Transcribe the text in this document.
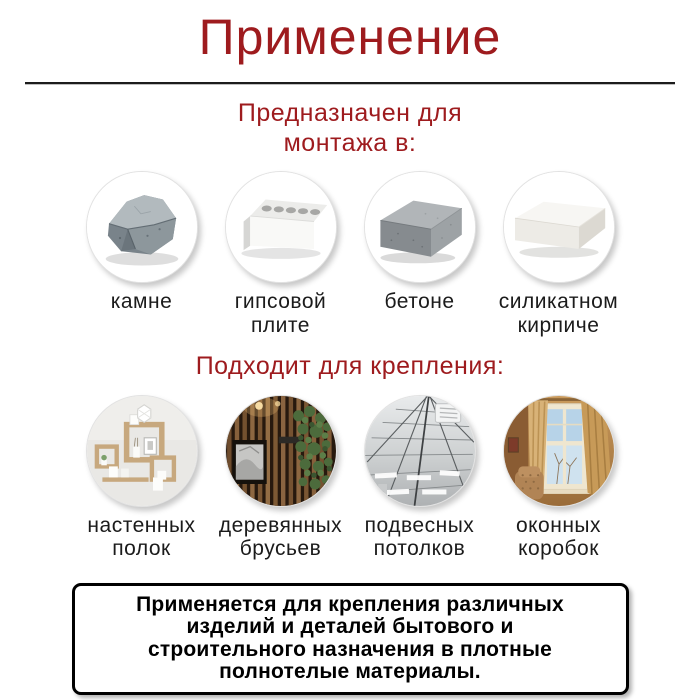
Применение
Предназначен для монтажа в:
камне	гипсовой плите
бетоне	силикатном кирпиче
Подходит для крепления:
настенных полок
деревянных брусьев
подвесных потолков
оконных коробок
Применяется для крепления различных изделий и деталей бытового и строительного назначения в плотные полнотелые материалы.
